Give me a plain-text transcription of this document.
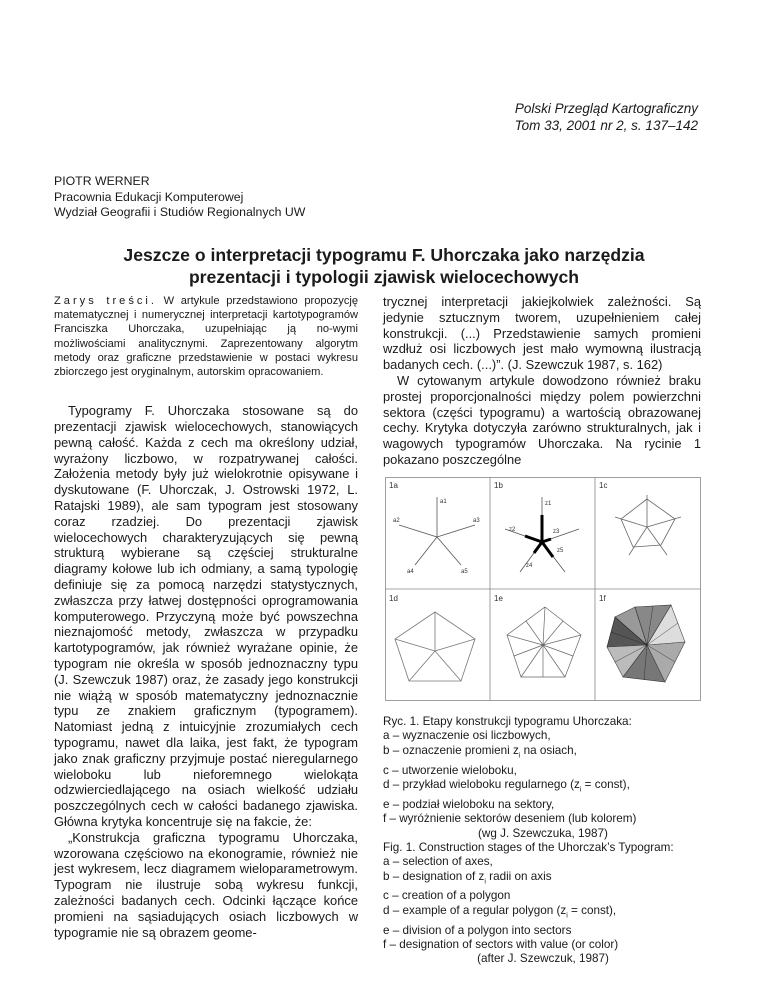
Polski Przegląd Kartograficzny
Tom 33, 2001 nr 2, s. 137–142
PIOTR WERNER
Pracownia Edukacji Komputerowej
Wydział Geografii i Studiów Regionalnych UW
Jeszcze o interpretacji typogramu F. Uhorczaka jako narzędzia
prezentacji i typologii zjawisk wielocechowych

Zarys treści. W artykule przedstawiono propozycję matematycznej i numerycznej interpretacji kartotypogramów Franciszka Uhorczaka, uzupełniając ją no-wymi możliwościami analitycznymi. Zaprezentowany algorytm metody oraz graficzne przedstawienie w postaci wykresu zbiorczego jest oryginalnym, autorskim opracowaniem.

Typogramy F. Uhorczaka stosowane są do prezentacji zjawisk wielocechowych, stanowiących pewną całość. Każda z cech ma określony udział, wyrażony liczbowo, w rozpatrywanej całości. Założenia metody były już wielokrotnie opisywane i dyskutowane (F. Uhorczak, J. Ostrowski 1972, L. Ratajski 1989), ale sam typogram jest stosowany coraz rzadziej. Do prezentacji zjawisk wielocechowych charakteryzujących się pewną strukturą wybierane są częściej strukturalne diagramy kołowe lub ich odmiany, a samą typologię definiuje się za pomocą narzędzi statystycznych, zwłaszcza przy łatwej dostępności oprogramowania komputerowego. Przyczyną może być powszechna nieznajomość metody, zwłaszcza w przypadku kartotypogramów, jak również wyrażane opinie, że typogram nie określa w sposób jednoznaczny typu (J. Szewczuk 1987) oraz, że zasady jego konstrukcji nie wiążą w sposób matematyczny jednoznacznie typu ze znakiem graficznym (typogramem). Natomiast jedną z intuicyjnie zrozumiałych cech typogramu, nawet dla laika, jest fakt, że typogram jako znak graficzny przyjmuje postać nieregularnego wieloboku lub nieforemnego wielokąta odzwierciedlającego na osiach wielkość udziału poszczególnych cech w całości badanego zjawiska. Główna krytyka koncentruje się na fakcie, że:

„Konstrukcja graficzna typogramu Uhorczaka, wzorowana częściowo na ekonogramie, również nie jest wykresem, lecz diagramem wieloparametrowym. Typogram nie ilustruje sobą wykresu funkcji, zależności badanych cech. Odcinki łączące końce promieni na sąsiadujących osiach liczbowych w typogramie nie są obrazem geome-

trycznej interpretacji jakiejkolwiek zależności. Są jedynie sztucznym tworem, uzupełnieniem całej konstrukcji. (...) Przedstawienie samych promieni wzdłuż osi liczbowych jest mało wymowną ilustracją badanych cech. (...)”. (J. Szewczuk 1987, s. 162)

W cytowanym artykule dowodzono również braku prostej proporcjonalności między polem powierzchni sektora (części typogramu) a wartością obrazowanej cechy. Krytyka dotyczyła zarówno strukturalnych, jak i wagowych typogramów Uhorczaka. Na rycinie 1 pokazano poszczególne

1a	1b	1c
1d	1e	1f
a1
a2	a3
a4	a5
z1
z2	z3
z4
z5
Ryc. 1. Etapy konstrukcji typogramu Uhorczaka:
a – wyznaczenie osi liczbowych,
b – oznaczenie promieni $z_i$ na osiach,
c – utworzenie wieloboku,
d – przykład wieloboku regularnego ($z_i$ = const),
e – podział wieloboku na sektory,
f – wyróżnienie sektorów deseniem (lub kolorem)
(wg J. Szewczuka, 1987)
Fig. 1. Construction stages of the Uhorczak’s Typogram:
a – selection of axes,
b – designation of $z_i$ radii on axis
c – creation of a polygon
d – example of a regular polygon ($z_i$ = const),
e – division of a polygon into sectors
f – designation of sectors with value (or color)
(after J. Szewczuk, 1987)
